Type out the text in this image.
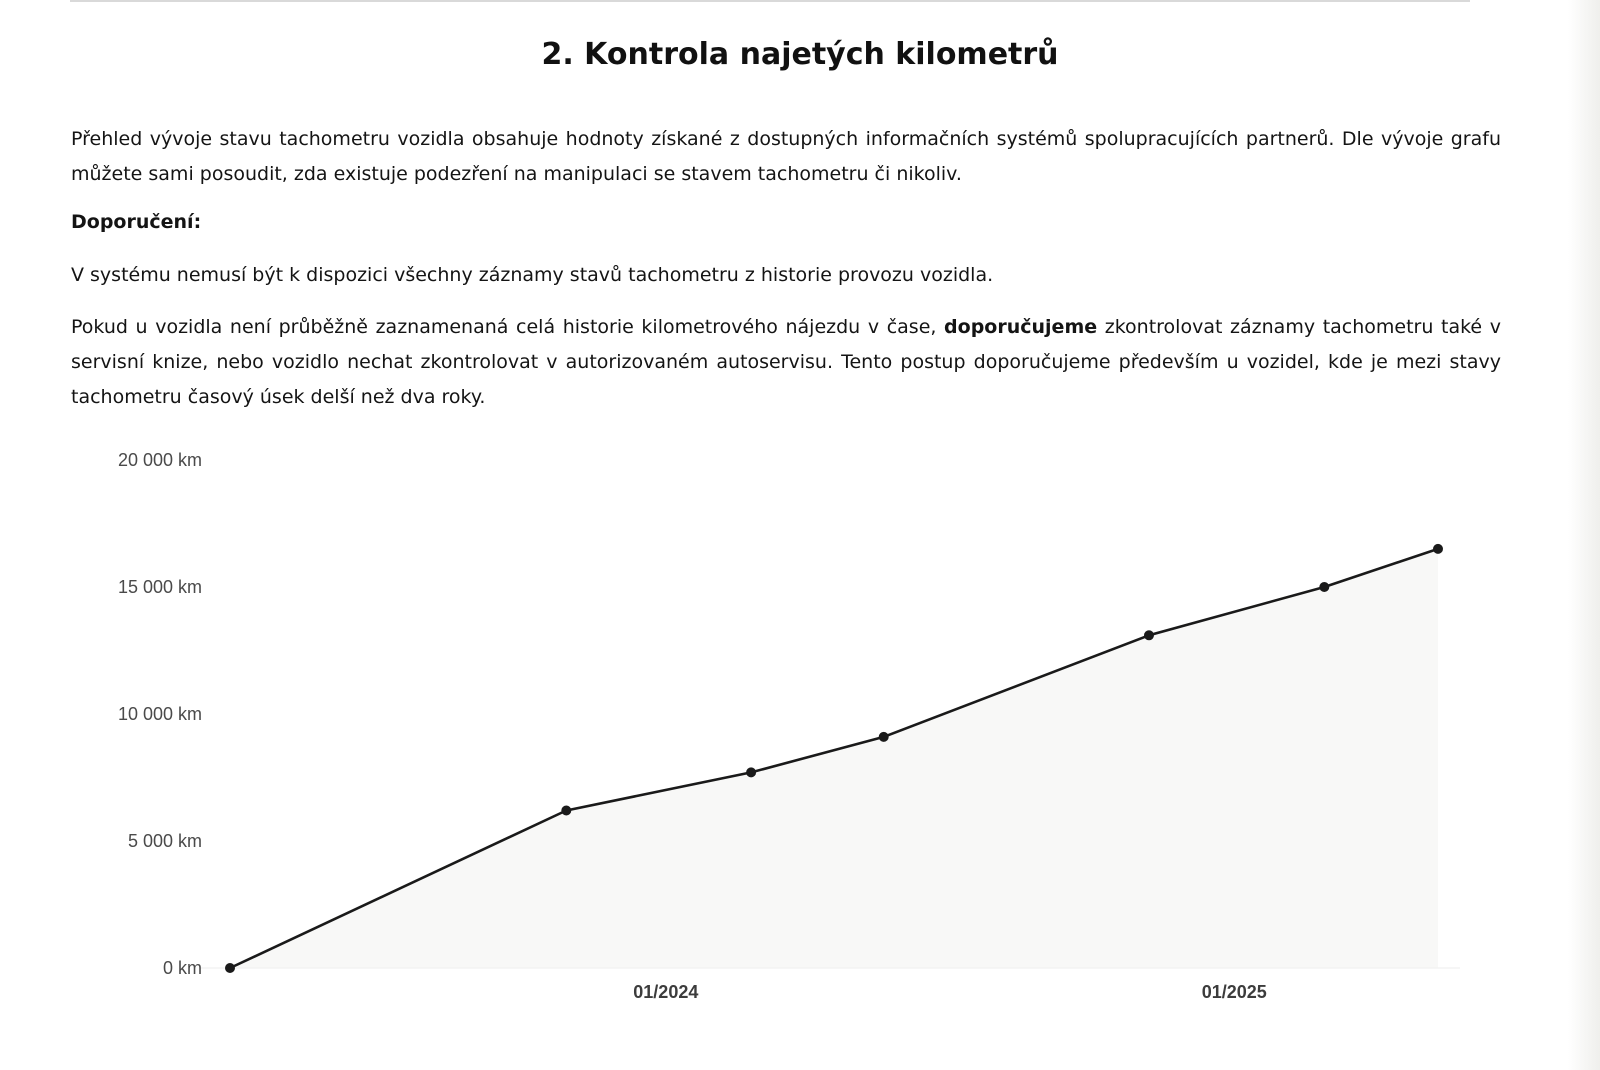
2. Kontrola najetých kilometrů

Přehled vývoje stavu tachometru vozidla obsahuje hodnoty získané z dostupných informačních systémů spolupracujících partnerů. Dle vývoje grafu můžete sami posoudit, zda existuje podezření na manipulaci se stavem tachometru či nikoliv.

Doporučení:

V systému nemusí být k dispozici všechny záznamy stavů tachometru z historie provozu vozidla.

Pokud u vozidla není průběžně zaznamenaná celá historie kilometrového nájezdu v čase, doporučujeme zkontrolovat záznamy tachometru také v servisní knize, nebo vozidlo nechat zkontrolovat v autorizovaném autoservisu. Tento postup doporučujeme především u vozidel, kde je mezi stavy tachometru časový úsek delší než dva roky.

0 km
5 000 km
10 000 km
15 000 km
20 000 km
01/2024	01/2025
